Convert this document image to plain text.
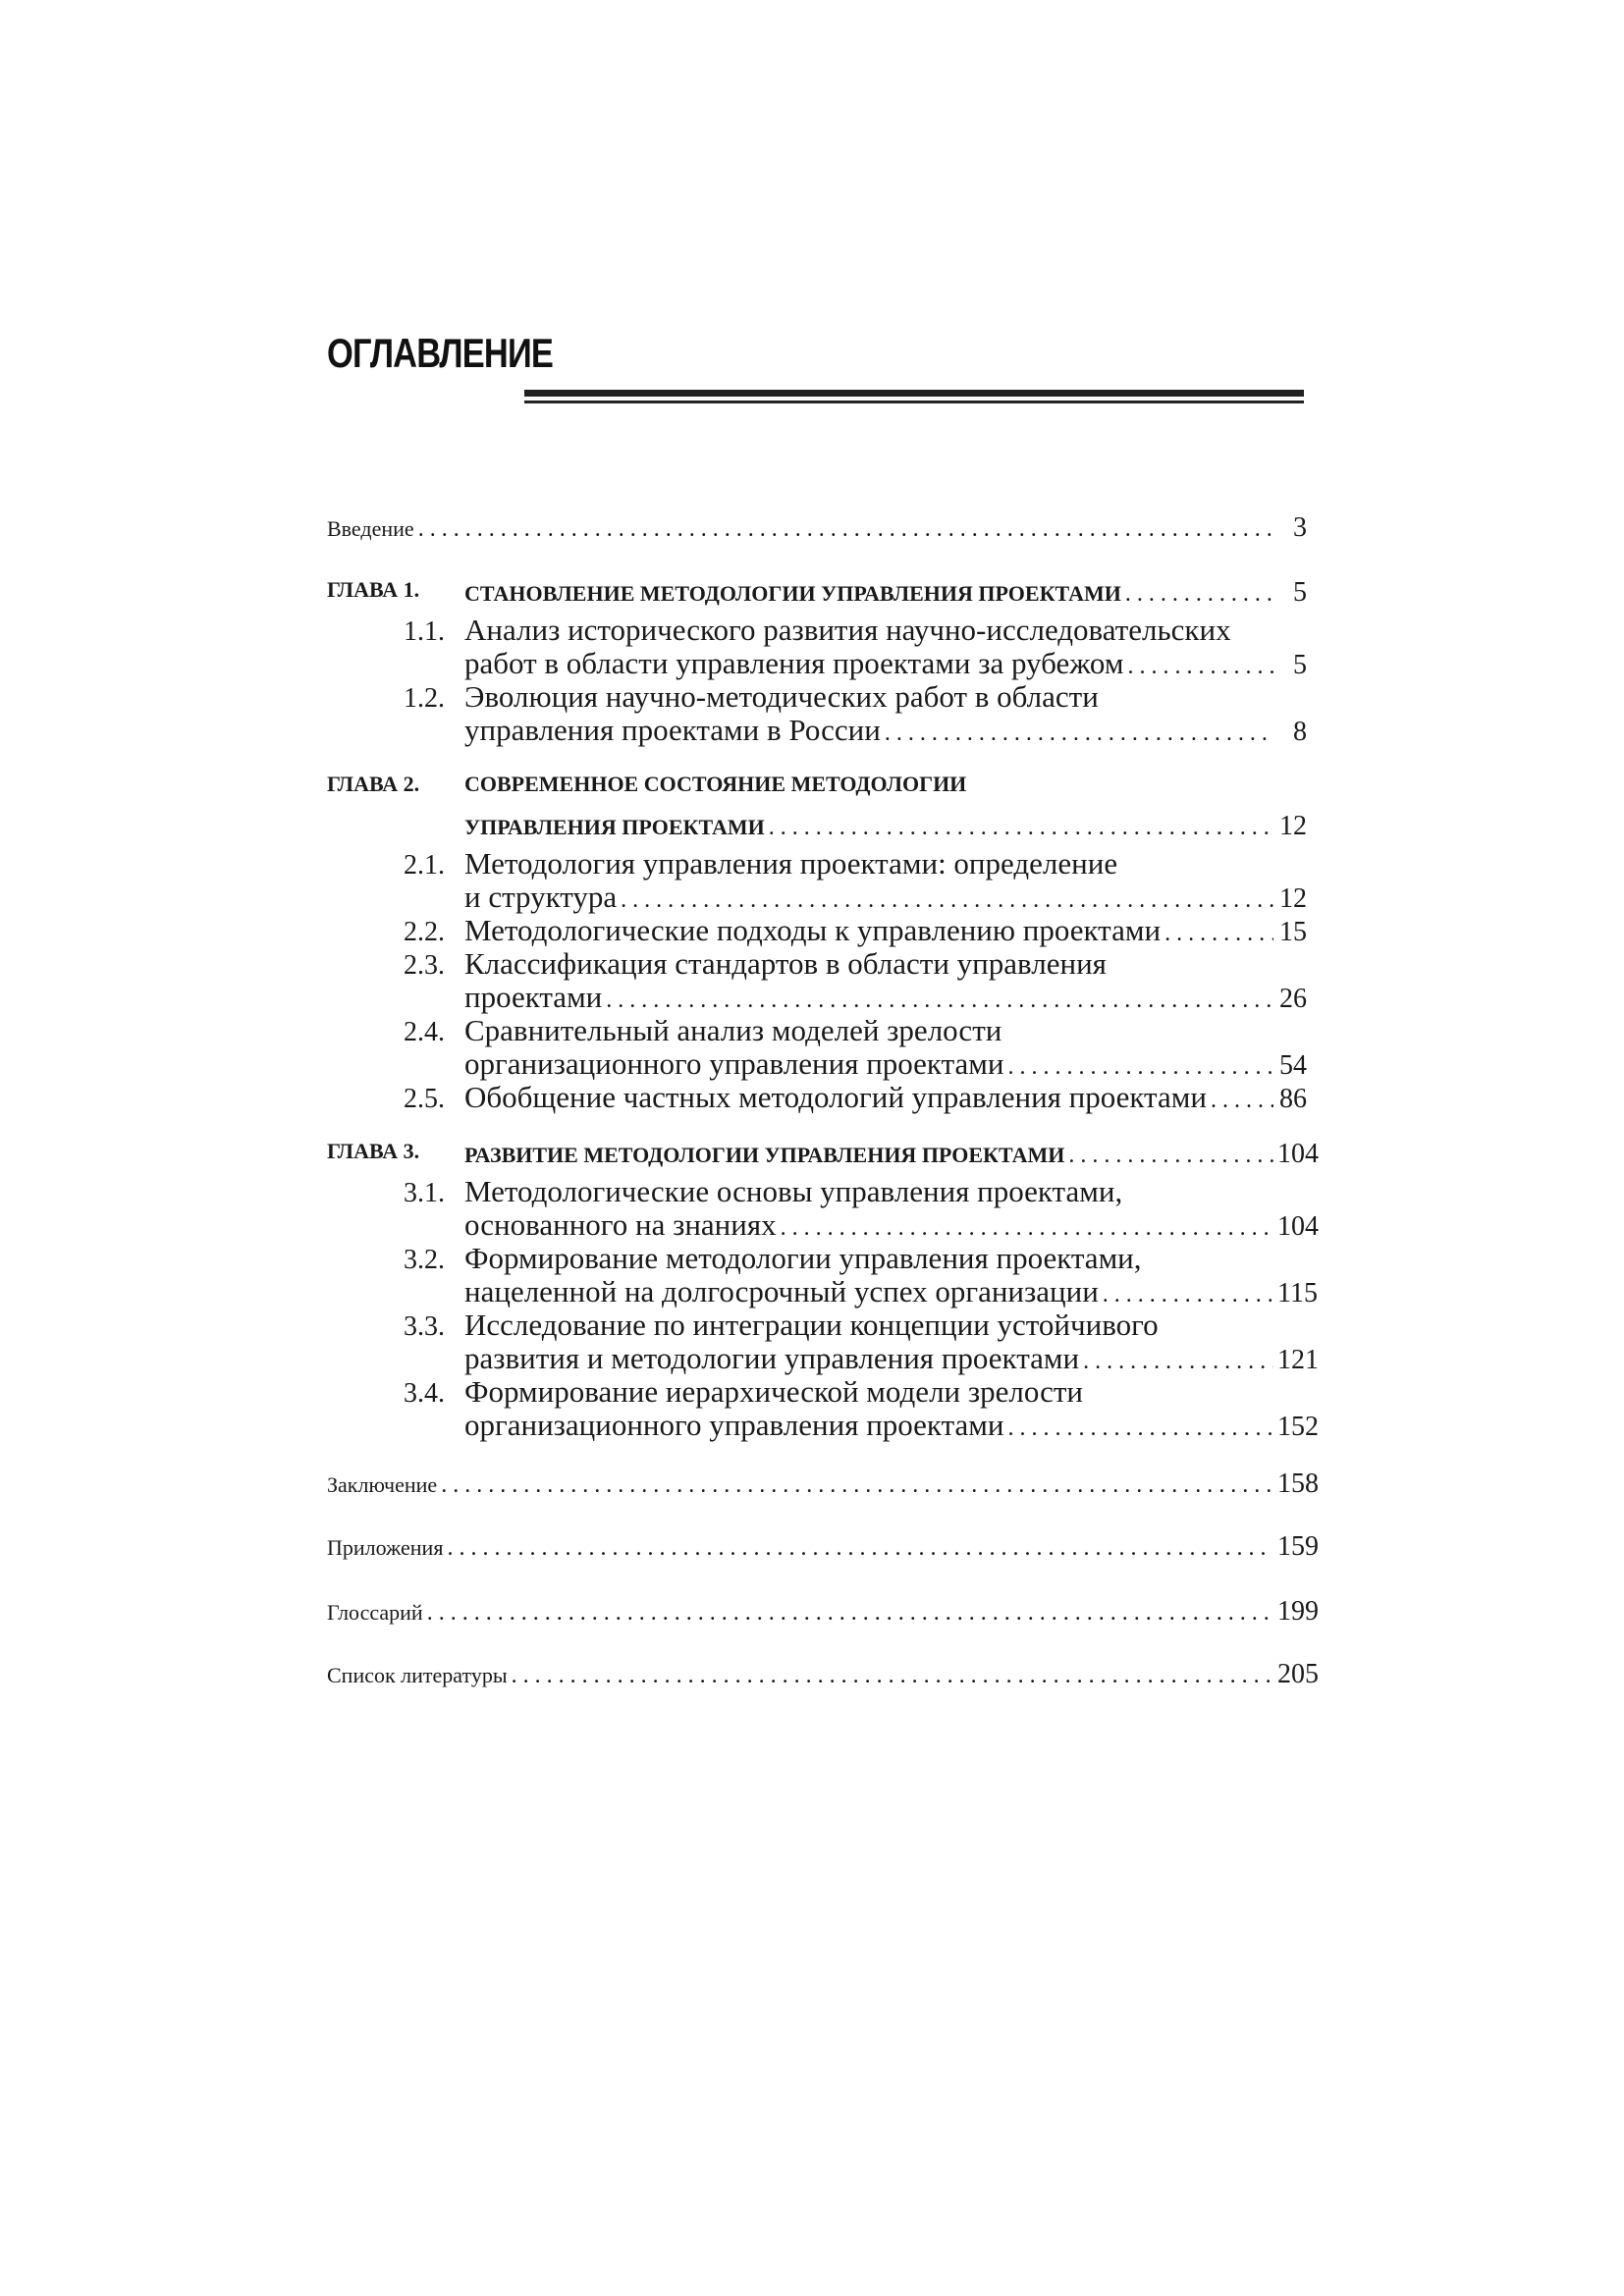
ОГЛАВЛЕНИЕ
Введение . . .	3
ГЛАВА 1. СТАНОВЛЕНИЕ МЕТОДОЛОГИИ УПРАВЛЕНИЯ ПРОЕКТАМИ . . .	5
1.1. Анализ исторического развития научно-исследовательских
работ в области управления проектами за рубежом . . .	5
1.2. Эволюция научно-методических работ в области
управления проектами в России . . .	8
ГЛАВА 2. СОВРЕМЕННОЕ СОСТОЯНИЕ МЕТОДОЛОГИИ
УПРАВЛЕНИЯ ПРОЕКТАМИ . . .	12
2.1. Методология управления проектами: определение
и структура . . .	12
2.2. Методологические подходы к управлению проектами . . .	15
2.3. Классификация стандартов в области управления
проектами . . .	26
2.4. Сравнительный анализ моделей зрелости
организационного управления проектами . . .	54
2.5. Обобщение частных методологий управления проектами . . .	86
ГЛАВА 3. РАЗВИТИЕ МЕТОДОЛОГИИ УПРАВЛЕНИЯ ПРОЕКТАМИ . . .	104
3.1. Методологические основы управления проектами,
основанного на знаниях . . .	104
3.2. Формирование методологии управления проектами,
нацеленной на долгосрочный успех организации . . .	115
3.3. Исследование по интеграции концепции устойчивого
развития и методологии управления проектами . . .	121
3.4. Формирование иерархической модели зрелости
организационного управления проектами . . .	152
Заключение . . .	158
Приложения . . .	159
Глоссарий . . .	199
Список литературы . . .	205
